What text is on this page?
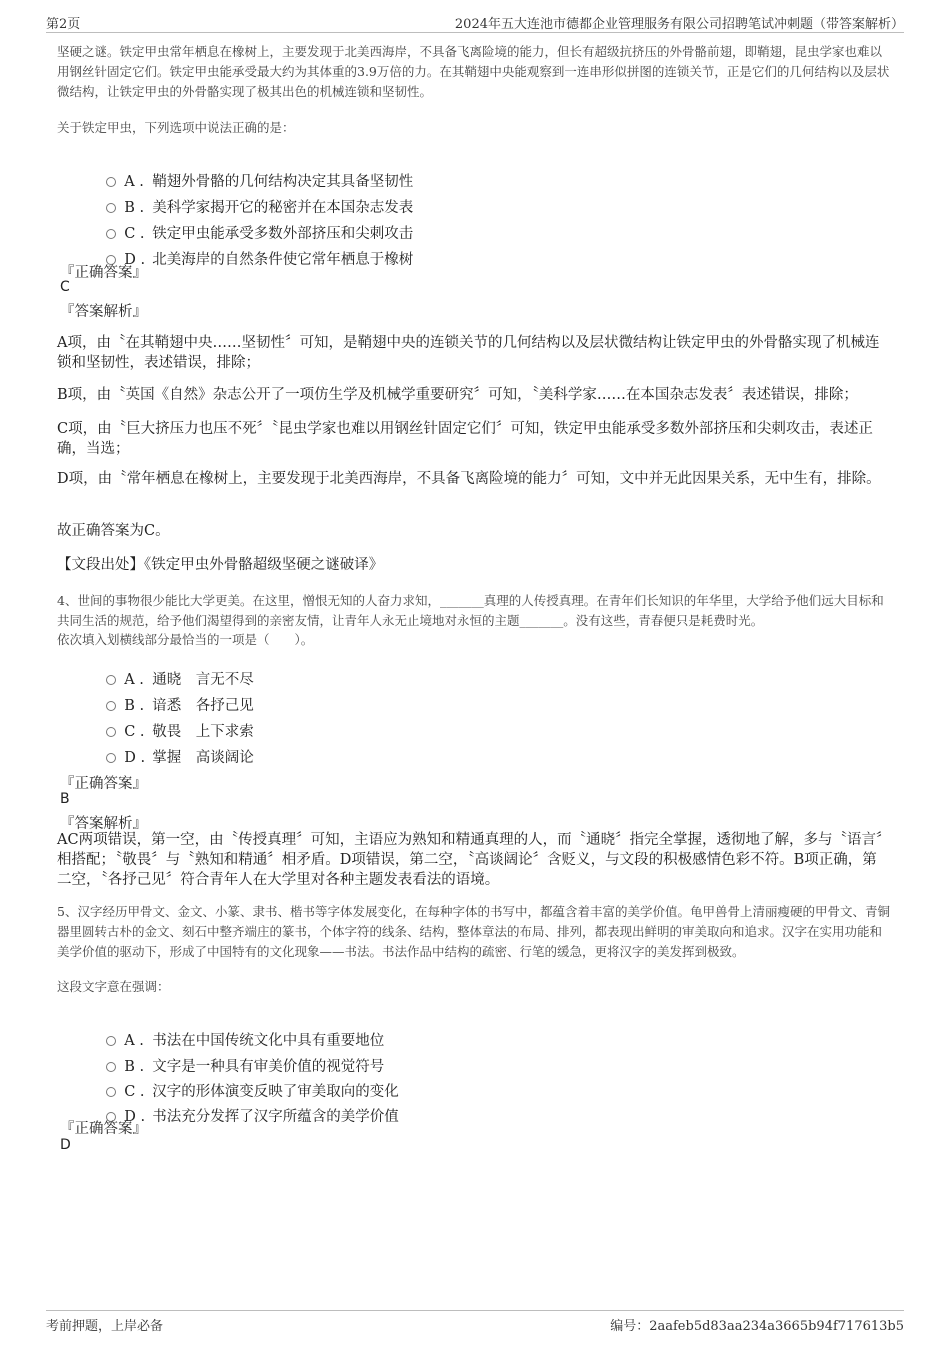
第2页	2024年五大连池市德都企业管理服务有限公司招聘笔试冲刺题（带答案解析）

坚硬之谜。铁定甲虫常年栖息在橡树上，主要发现于北美西海岸，不具备飞离险境的能力，但长有超级抗挤压的外骨骼前翅，即鞘翅，昆虫学家也难以用钢丝针固定它们。铁定甲虫能承受最大约为其体重的3.9万倍的力。在其鞘翅中央能观察到一连串形似拼图的连锁关节，正是它们的几何结构以及层状微结构，让铁定甲虫的外骨骼实现了极其出色的机械连锁和坚韧性。

关于铁定甲虫，下列选项中说法正确的是：

A . 鞘翅外骨骼的几何结构决定其具备坚韧性

B . 美科学家揭开它的秘密并在本国杂志发表

C . 铁定甲虫能承受多数外部挤压和尖刺攻击

D . 北美海岸的自然条件使它常年栖息于橡树

『正确答案』
C
『答案解析』

A项，由〝在其鞘翅中央……坚韧性〞可知，是鞘翅中央的连锁关节的几何结构以及层状微结构让铁定甲虫的外骨骼实现了机械连锁和坚韧性，表述错误，排除；

B项，由〝英国《自然》杂志公开了一项仿生学及机械学重要研究〞可知，〝美科学家……在本国杂志发表〞表述错误，排除；

C项，由〝巨大挤压力也压不死〞〝昆虫学家也难以用钢丝针固定它们〞可知，铁定甲虫能承受多数外部挤压和尖刺攻击，表述正确，当选；

D项，由〝常年栖息在橡树上，主要发现于北美西海岸，不具备飞离险境的能力〞可知，文中并无此因果关系，无中生有，排除。

故正确答案为C。

【文段出处】《铁定甲虫外骨骼超级坚硬之谜破译》

4、世间的事物很少能比大学更美。在这里，憎恨无知的人奋力求知，_______真理的人传授真理。在青年们长知识的年华里，大学给予他们远大目标和共同生活的规范，给予他们渴望得到的亲密友情，让青年人永无止境地对永恒的主题_______。没有这些，青春便只是耗费时光。

依次填入划横线部分最恰当的一项是（　　）。

A . 通晓　言无不尽

B . 谙悉　各抒己见

C . 敬畏　上下求索

D . 掌握　高谈阔论

『正确答案』
B
『答案解析』

AC两项错误，第一空，由〝传授真理〞可知，主语应为熟知和精通真理的人，而〝通晓〞指完全掌握，透彻地了解，多与〝语言〞相搭配；〝敬畏〞与〝熟知和精通〞相矛盾。D项错误，第二空，〝高谈阔论〞含贬义，与文段的积极感情色彩不符。B项正确，第二空，〝各抒己见〞符合青年人在大学里对各种主题发表看法的语境。

5、汉字经历甲骨文、金文、小篆、隶书、楷书等字体发展变化，在每种字体的书写中，都蕴含着丰富的美学价值。龟甲兽骨上清丽瘦硬的甲骨文、青铜器里圆转古朴的金文、刻石中整齐端庄的篆书，个体字符的线条、结构，整体章法的布局、排列，都表现出鲜明的审美取向和追求。汉字在实用功能和美学价值的驱动下，形成了中国特有的文化现象——书法。书法作品中结构的疏密、行笔的缓急，更将汉字的美发挥到极致。

这段文字意在强调：

A . 书法在中国传统文化中具有重要地位

B . 文字是一种具有审美价值的视觉符号

C . 汉字的形体演变反映了审美取向的变化

D . 书法充分发挥了汉字所蕴含的美学价值

『正确答案』
D
考前押题，上岸必备	编号：2aafeb5d83aa234a3665b94f717613b5
